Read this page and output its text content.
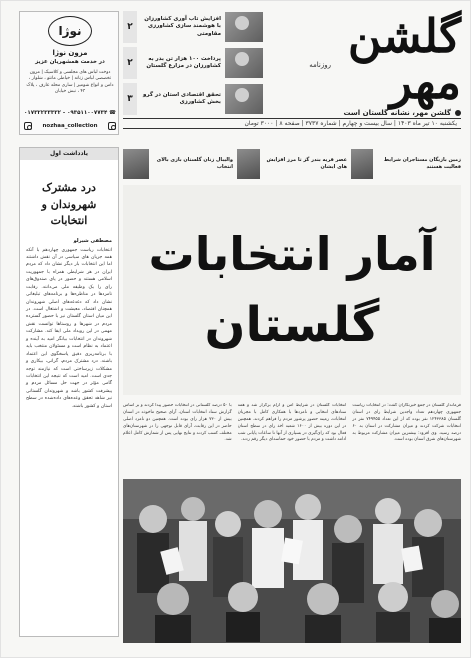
گلشن مهر
روزنامه
گلشن مهر، نشانه گلستان است
یکشنبه ۱۰ تیر ماه ۱۴۰۳ | سال بیست و چهارم | شماره ۳۷۳۷ | صفحه ۸ | ۳۰۰۰ تومان
۲
افزایش تاب آوری کشاورزان با هوشمند سازی کشاورزی مقاومتی
۲	پرداخت ۱۰۰ هزار تن بذر به کشاورزان در مزارع گلستان
۳	تحقق اقتصادی استان در گرو بخش کشاورزی
نوژا
مزون نوژا
در خدمت همشهریان عزیز
دوخت لباس های مجلسی و کلاسیک | مزون تخصصی لباس زنانه | خیاطی مانتو ، شلوار ، دامن و انواع شومیز | ساری محله عارف ، پلاک ۴۳ ، نبش خیابان
☎
۰۹۳۵۱۱۰۰۷۷۳۴ - ۰۱۷۳۲۲۳۳۳۳۲
nozhaa_collection
زمین بازیگان مستاجران شرایط فعالیت هستند
عصر قریه بندر گز تا مرز افزایش های ایشان
والیبال زنان گلستان بازی بالای انتخاب
یادداشت اول
درد مشترک شهروندان و انتخابات
مصطفی شیرلو
انتخابات ریاست جمهوری چهاردهم با آنکه همه جریان های سیاسی در آن نقش داشتند اما این انتخابات بار دیگر نشان داد که مردم ایران در هر شرایطی همراه با جمهوریت اسلامی هستند و حضور در پای صندوق‌های رای را یک وظیفه ملی می‌دانند. رقابت نامزدها در مناظره‌ها و برنامه‌های تبلیغاتی نشان داد که دغدغه‌های اصلی شهروندان همچنان اقتصاد، معیشت و اشتغال است. در این میان استان گلستان نیز با حضور گسترده مردم در شهرها و روستاها توانست نقش مهمی در این رویداد ملی ایفا کند. مشارکت شهروندان در انتخابات بیانگر امید به آینده و اعتماد به نظام است و مسئولان منتخب باید با برنامه‌ریزی دقیق پاسخگوی این اعتماد باشند. درد مشترک مردم، گرانی، بیکاری و مشکلات زیرساختی است که نیازمند توجه جدی است. امید است که نتیجه این انتخابات گامی مؤثر در جهت حل مسائل مردم و پیشرفت کشور باشد و شهروندان گلستانی نیز شاهد تحقق وعده‌های داده‌شده در سطح استان و کشور باشند.
آمار انتخابات
گلستان
فرماندار گلستان در جمع خبرنگاران گفت: در انتخابات ریاست جمهوری چهاردهم تعداد واجدین شرایط رای در استان گلستان ۱۲۴۳۳۸۵ نفر بوده که از این تعداد ۷۴۹۴۵۵ نفر در انتخابات شرکت کردند و میزان مشارکت در استان به ۶۰ درصد رسید. وی افزود: بیشترین میزان مشارکت مربوط به شهرستان‌های شرق استان بوده است.
انتخابات گلستان در شرایط امن و آرام برگزار شد و همه ستادهای انتخابی و نامزدها با همکاری کامل با مجریان انتخابات، زمینه حضور پرشور مردم را فراهم کردند. همچنین در این دوره بیش از ۱۶۰۰ شعبه اخذ رای در سطح استان فعال بود که رای‌گیری در بسیاری از آنها تا ساعات پایانی شب ادامه داشت و مردم با حضور خود حماسه‌ای دیگر رقم زدند.
با ۵۰ درصد گلستانی در انتخابات حضور پیدا کردند و بر اساس گزارش ستاد انتخابات استان، آرای صحیح ماخوذه در استان بیش از ۷۳۰ هزار رای بوده است. همچنین دو نامزد اصلی حاضر در این رقابت، آرای قابل توجهی را در شهرستان‌های مختلف کسب کردند و نتایج نهایی پس از شمارش کامل اعلام شد.
